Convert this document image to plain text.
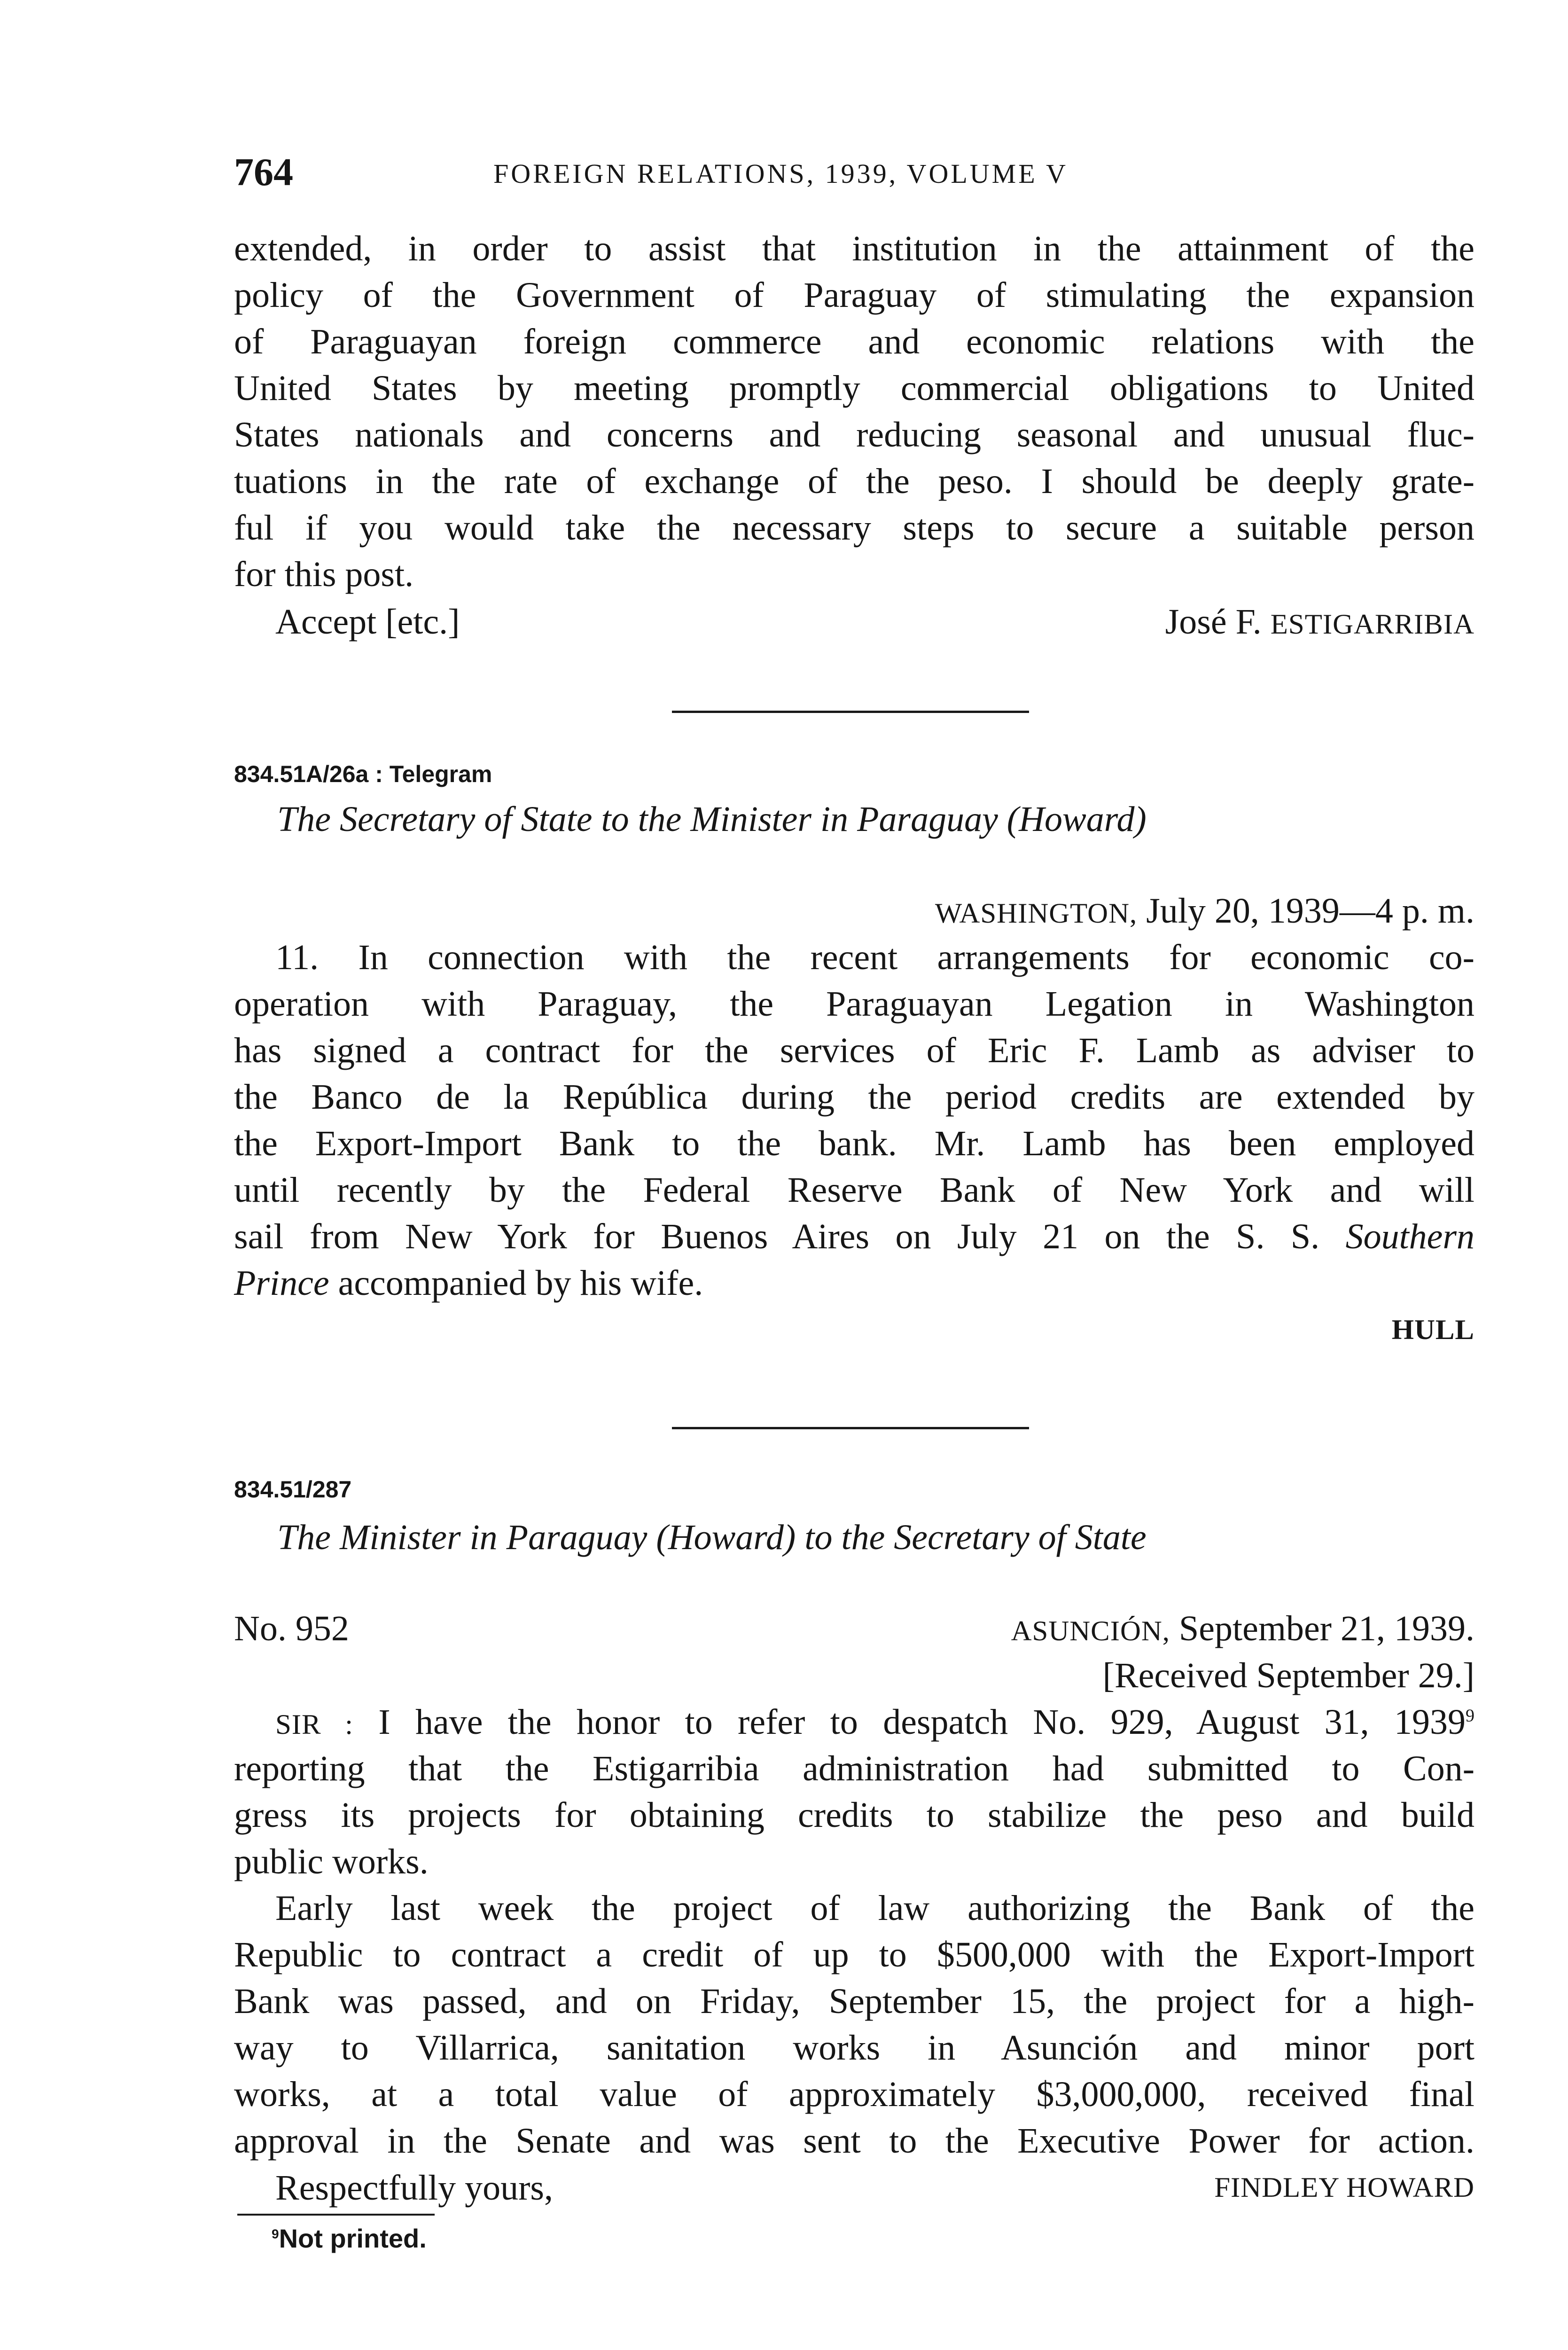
764	FOREIGN RELATIONS, 1939, VOLUME V
extended, in order to assist that institution in the attainment of the
policy of the Government of Paraguay of stimulating the expansion
of Paraguayan foreign commerce and economic relations with the
United States by meeting promptly commercial obligations to United
States nationals and concerns and reducing seasonal and unusual fluc-
tuations in the rate of exchange of the peso. I should be deeply grate-
ful if you would take the necessary steps to secure a suitable person
for this post.
Accept [etc.]	José F. ESTIGARRIBIA
834.51A/26a : Telegram
The Secretary of State to the Minister in Paraguay (Howard)
WASHINGTON, July 20, 1939—4 p. m.
11. In connection with the recent arrangements for economic co-
operation with Paraguay, the Paraguayan Legation in Washington
has signed a contract for the services of Eric F. Lamb as adviser to
the Banco de la República during the period credits are extended by
the Export-Import Bank to the bank. Mr. Lamb has been employed
until recently by the Federal Reserve Bank of New York and will
sail from New York for Buenos Aires on July 21 on the S. S. Southern
Prince accompanied by his wife.
HULL
834.51/287
The Minister in Paraguay (Howard) to the Secretary of State
No. 952	ASUNCIÓN, September 21, 1939.
[Received September 29.]
SIR : I have the honor to refer to despatch No. 929, August 31, 1939$^9$
reporting that the Estigarribia administration had submitted to Con-
gress its projects for obtaining credits to stabilize the peso and build
public works.
Early last week the project of law authorizing the Bank of the
Republic to contract a credit of up to $500,000 with the Export-Import
Bank was passed, and on Friday, September 15, the project for a high-
way to Villarrica, sanitation works in Asunción and minor port
works, at a total value of approximately $3,000,000, received final
approval in the Senate and was sent to the Executive Power for action.
Respectfully yours,	FINDLEY HOWARD
$^9$Not printed.
